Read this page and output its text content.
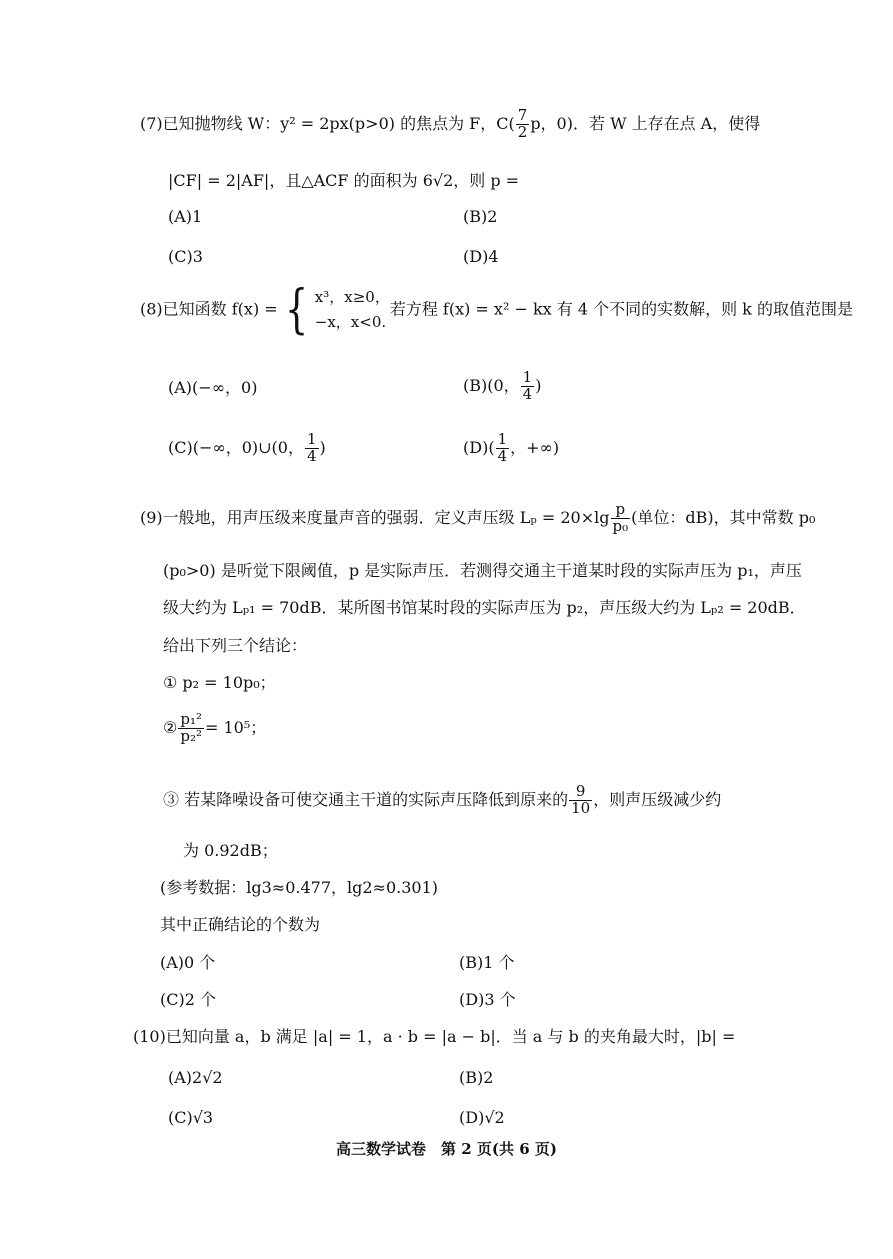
(7)已知抛物线 W：y² = 2px(p>0) 的焦点为 F，$C( \frac{7}{2}$ p，0)．若 W 上存在点 A，使得
|CF| = 2|AF|，且△ACF 的面积为 6√2，则 p =
(A)1	(B)2
(C)3	(D)4
(8)已知函数 f(x) = { x³，x≥0，
−x，x<0.
若方程 f(x) = x² − kx 有 4 个不同的实数解，则 k 的取值范围是
(A)(−∞，0)	(B)(0， $\frac{1}{4}$ )
(C)(−∞，0)∪(0， $\frac{1}{4}$ )	$(D)( \frac{1}{4}$ ，+∞)
(9)一般地，用声压级来度量声音的强弱．定义声压级 $L_p = 20\times\lg \frac{p}{\text{p₀}}$ (单位：dB)，其中常数 p₀
(p₀>0) 是听觉下限阈值，p 是实际声压．若测得交通主干道某时段的实际声压为 p₁，声压
级大约为 Lₚ₁ = 70dB．某所图书馆某时段的实际声压为 p₂，声压级大约为 Lₚ₂ = 20dB．
给出下列三个结论：
① p₂ = 10p₀；
② $\frac{\text{p₁²}}{\text{p₂²}} = 10^5$；
③ 若某降噪设备可使交通主干道的实际声压降低到原来的 $\frac{9}{10}$ ，则声压级减少约
为 0.92dB；
(参考数据：lg3≈0.477，lg2≈0.301)
其中正确结论的个数为
(A)0 个	(B)1 个
(C)2 个	(D)3 个
(10)已知向量 a，b 满足 |a| = 1，a · b = |a − b|．当 a 与 b 的夹角最大时，|b| =
(A)2√2	(B)2
(C)√3	(D)√2
高三数学试卷　第 2 页(共 6 页)
